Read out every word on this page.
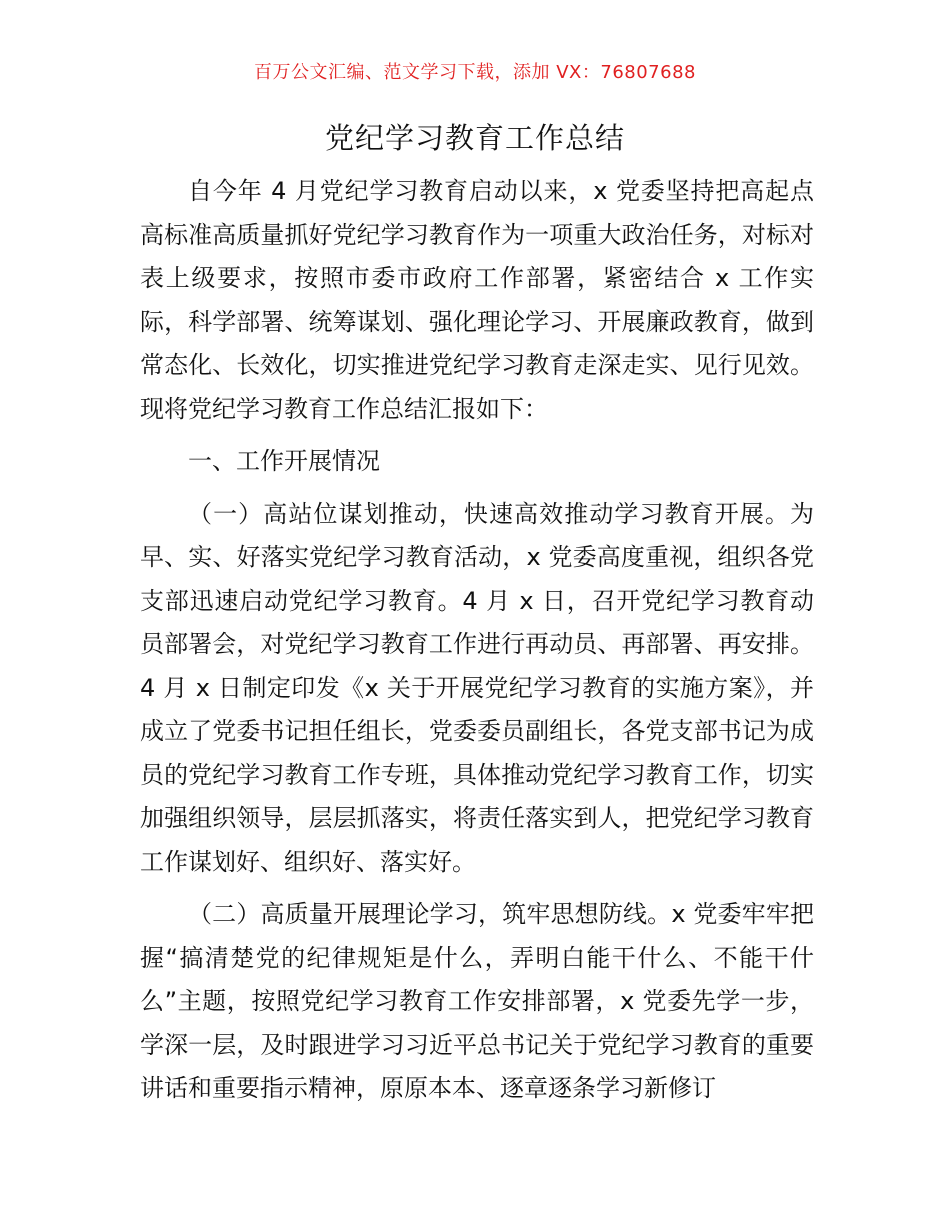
百万公文汇编、范文学习下载，添加 VX：76807688
党纪学习教育工作总结

自今年 4 月党纪学习教育启动以来，x 党委坚持把高起点高标准高质量抓好党纪学习教育作为一项重大政治任务，对标对表上级要求，按照市委市政府工作部署，紧密结合 x 工作实际，科学部署、统筹谋划、强化理论学习、开展廉政教育，做到常态化、长效化，切实推进党纪学习教育走深走实、见行见效。现将党纪学习教育工作总结汇报如下：

一、工作开展情况

（一）高站位谋划推动，快速高效推动学习教育开展。为早、实、好落实党纪学习教育活动，x 党委高度重视，组织各党支部迅速启动党纪学习教育。4 月 x 日，召开党纪学习教育动员部署会，对党纪学习教育工作进行再动员、再部署、再安排。4 月 x 日制定印发《x 关于开展党纪学习教育的实施方案》，并成立了党委书记担任组长，党委委员副组长，各党支部书记为成员的党纪学习教育工作专班，具体推动党纪学习教育工作，切实加强组织领导，层层抓落实，将责任落实到人，把党纪学习教育工作谋划好、组织好、落实好。

（二）高质量开展理论学习，筑牢思想防线。x 党委牢牢把握“搞清楚党的纪律规矩是什么，弄明白能干什么、不能干什么”主题，按照党纪学习教育工作安排部署，x 党委先学一步，学深一层，及时跟进学习习近平总书记关于党纪学习教育的重要讲话和重要指示精神，原原本本、逐章逐条学习新修订
